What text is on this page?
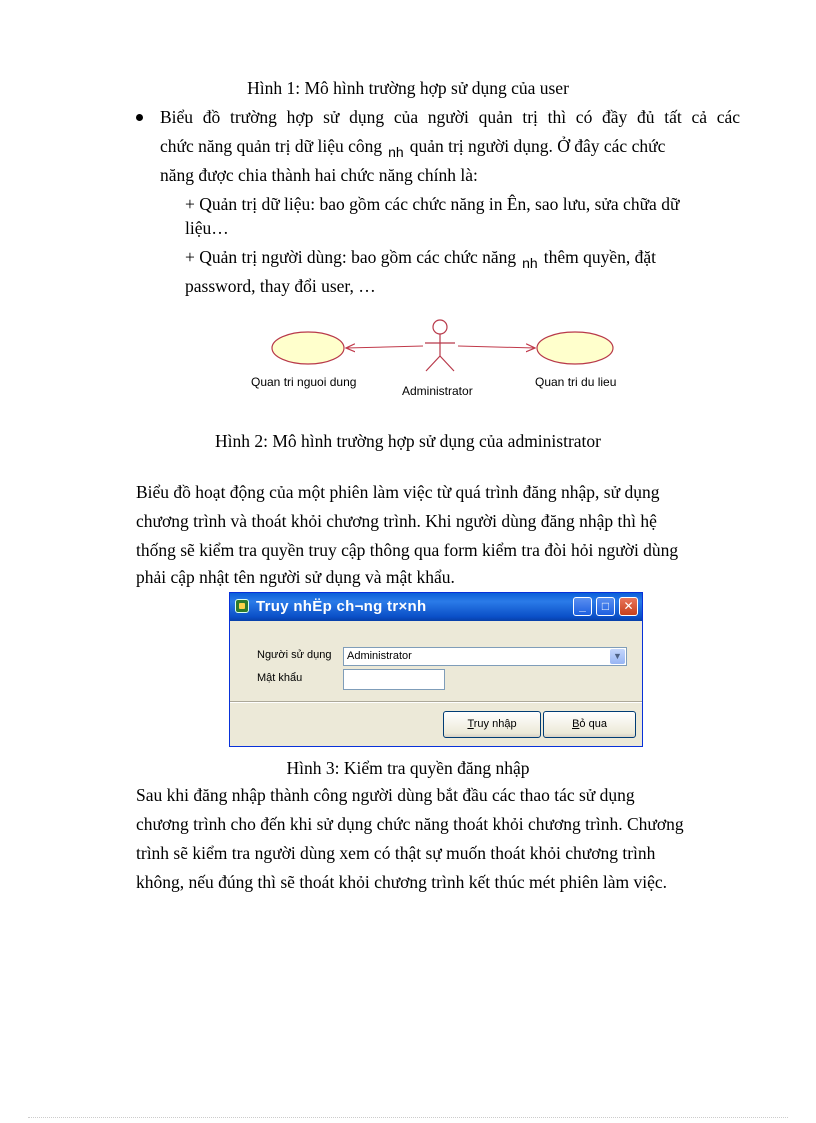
Hình 1: Mô hình trường hợp sử dụng của user
Biểu đồ trường hợp sử dụng của người quản trị thì có đầy đủ tất cả các
chức năng quản trị dữ liệu công $_{nh}$ quản trị người dụng. Ở đây các chức
năng được chia thành hai chức năng chính là:
+ Quản trị dữ liệu: bao gồm các chức năng in Ên, sao lưu, sửa chữa dữ
liệu…
+ Quản trị người dùng: bao gồm các chức năng $_{nh}$ thêm quyền, đặt
password, thay đổi user, …
Quan tri nguoi dung
Administrator
Quan tri du lieu
Hình 2: Mô hình trường hợp sử dụng của administrator
Biểu đồ hoạt động của một phiên làm việc từ quá trình đăng nhập, sử dụng
chương trình và thoát khỏi chương trình. Khi người dùng đăng nhập thì hệ
thống sẽ kiểm tra quyền truy cập thông qua form kiểm tra đòi hỏi người dùng
phải cập nhật tên người sử dụng và mật khẩu.
Truy nhËp ch¬ng tr×nh	_	□	✕
Người sử dụng	Administrator	▼
Mật khẩu
Truy nhập	Bỏ qua
Hình 3: Kiểm tra quyền đăng nhập
Sau khi đăng nhập thành công người dùng bắt đầu các thao tác sử dụng
chương trình cho đến khi sử dụng chức năng thoát khỏi chương trình. Chương
trình sẽ kiểm tra người dùng xem có thật sự muốn thoát khỏi chương trình
không, nếu đúng thì sẽ thoát khỏi chương trình kết thúc mét phiên làm việc.
